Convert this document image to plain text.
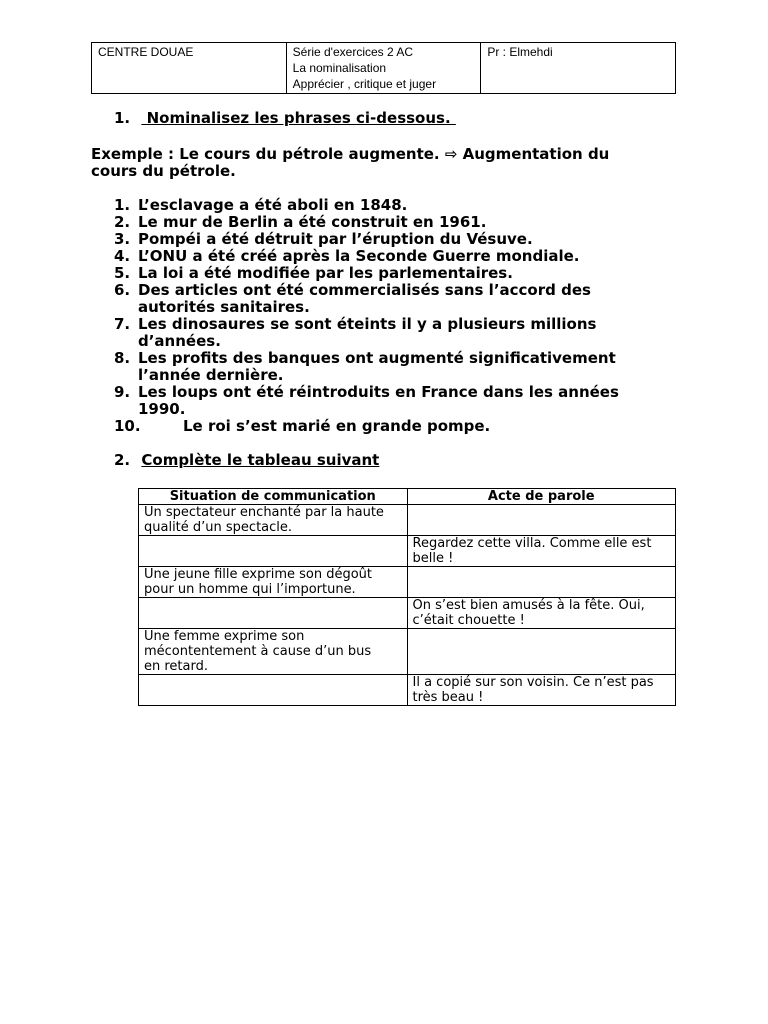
CENTRE DOUAE	Série d'exercices 2 AC
La nominalisation
Apprécier , critique et juger
	Pr : Elmehdi
1.  Nominalisez les phrases ci-dessous.
Exemple : Le cours du pétrole augmente. ⇨ Augmentation du
cours du pétrole.
1. L’esclavage a été aboli en 1848.
2. Le mur de Berlin a été construit en 1961.
3. Pompéi a été détruit par l’éruption du Vésuve.
4. L’ONU a été créé après la Seconde Guerre mondiale.
5. La loi a été modifiée par les parlementaires.
6. Des articles ont été commercialisés sans l’accord des
autorités sanitaires.
7. Les dinosaures se sont éteints il y a plusieurs millions
d’années.
8. Les profits des banques ont augmenté significativement
l’année dernière.
9. Les loups ont été réintroduits en France dans les années
1990.
10.	Le roi s’est marié en grande pompe.
2. Complète le tableau suivant
Situation de communication	Acte de parole

Un spectateur enchanté par la haute
qualité d’un spectacle.	

	Regardez cette villa. Comme elle est
belle !

Une jeune fille exprime son dégoût
pour un homme qui l’importune.	

	On s’est bien amusés à la fête. Oui,
c’était chouette !

Une femme exprime son
mécontentement à cause d’un bus
en retard.	

	Il a copié sur son voisin. Ce n’est pas
très beau !
